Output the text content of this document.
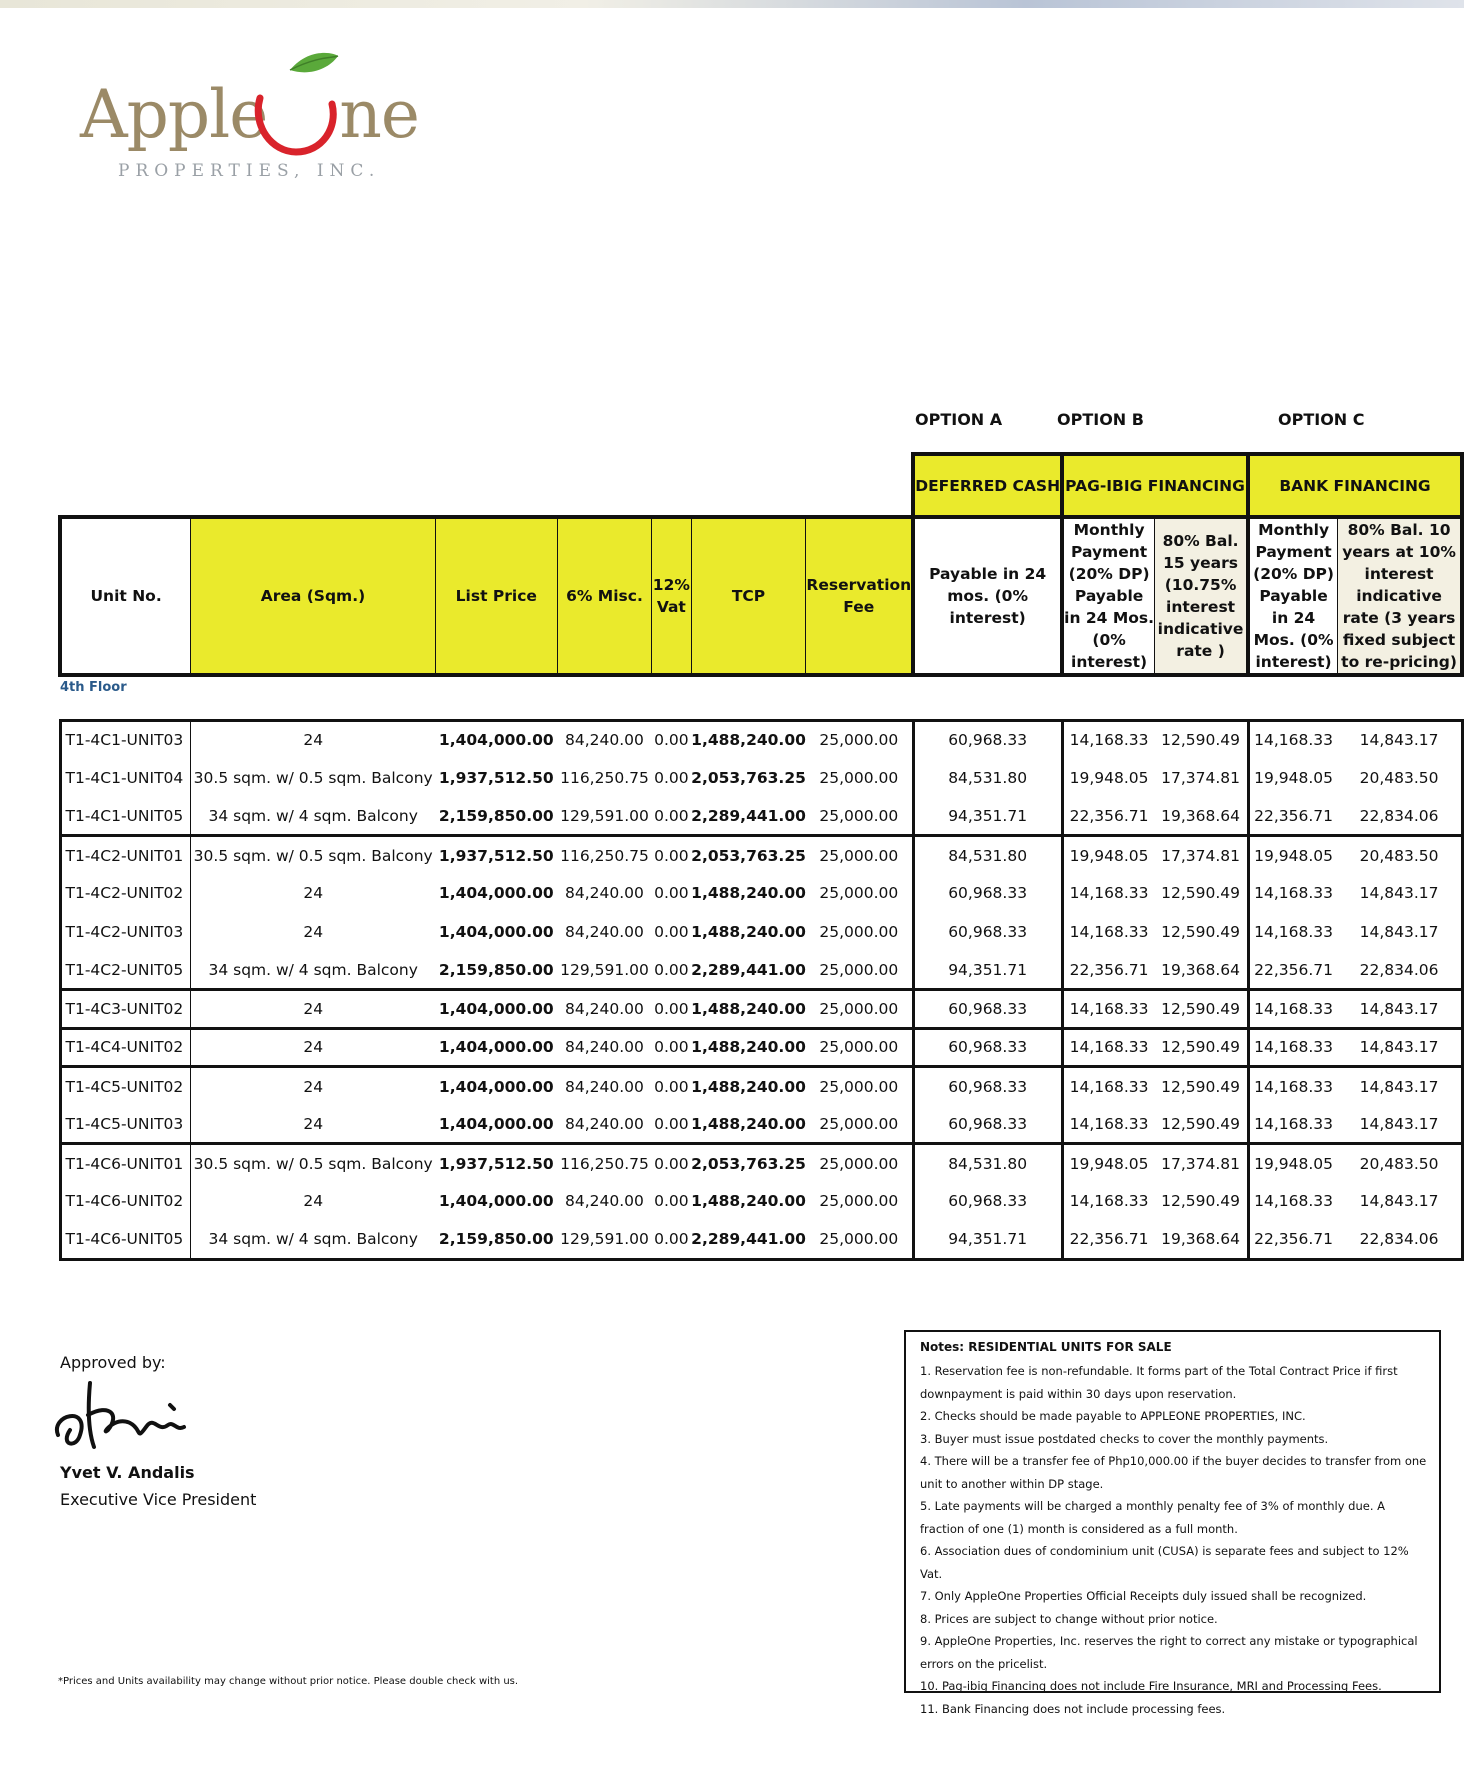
Apple ne
PROPERTIES, INC.
OPTION A	OPTION B	OPTION C
							DEFERRED CASH	PAG-IBIG FINANCING		BANK FINANCING	
Unit No.	Area (Sqm.)	List Price	6% Misc.	12% Vat	TCP	Reservation Fee	Payable in 24 mos. (0% interest)	Monthly Payment (20% DP) Payable in 24 Mos. (0% interest)	80% Bal. 15 years (10.75% interest indicative rate )	Monthly Payment (20% DP) Payable in 24 Mos. (0% interest)	80% Bal. 10 years at 10% interest indicative rate (3 years fixed subject to re-pricing)

T1-4C1-UNIT03	24	1,404,000.00	84,240.00	0.00	1,488,240.00	25,000.00	60,968.33	14,168.33	12,590.49	14,168.33	14,843.17
T1-4C1-UNIT04	30.5 sqm. w/ 0.5 sqm. Balcony	1,937,512.50	116,250.75	0.00	2,053,763.25	25,000.00	84,531.80	19,948.05	17,374.81	19,948.05	20,483.50
T1-4C1-UNIT05	34 sqm. w/ 4 sqm. Balcony	2,159,850.00	129,591.00	0.00	2,289,441.00	25,000.00	94,351.71	22,356.71	19,368.64	22,356.71	22,834.06
T1-4C2-UNIT01	30.5 sqm. w/ 0.5 sqm. Balcony	1,937,512.50	116,250.75	0.00	2,053,763.25	25,000.00	84,531.80	19,948.05	17,374.81	19,948.05	20,483.50
T1-4C2-UNIT02	24	1,404,000.00	84,240.00	0.00	1,488,240.00	25,000.00	60,968.33	14,168.33	12,590.49	14,168.33	14,843.17
T1-4C2-UNIT03	24	1,404,000.00	84,240.00	0.00	1,488,240.00	25,000.00	60,968.33	14,168.33	12,590.49	14,168.33	14,843.17
T1-4C2-UNIT05	34 sqm. w/ 4 sqm. Balcony	2,159,850.00	129,591.00	0.00	2,289,441.00	25,000.00	94,351.71	22,356.71	19,368.64	22,356.71	22,834.06
T1-4C3-UNIT02	24	1,404,000.00	84,240.00	0.00	1,488,240.00	25,000.00	60,968.33	14,168.33	12,590.49	14,168.33	14,843.17
T1-4C4-UNIT02	24	1,404,000.00	84,240.00	0.00	1,488,240.00	25,000.00	60,968.33	14,168.33	12,590.49	14,168.33	14,843.17
T1-4C5-UNIT02	24	1,404,000.00	84,240.00	0.00	1,488,240.00	25,000.00	60,968.33	14,168.33	12,590.49	14,168.33	14,843.17
T1-4C5-UNIT03	24	1,404,000.00	84,240.00	0.00	1,488,240.00	25,000.00	60,968.33	14,168.33	12,590.49	14,168.33	14,843.17
T1-4C6-UNIT01	30.5 sqm. w/ 0.5 sqm. Balcony	1,937,512.50	116,250.75	0.00	2,053,763.25	25,000.00	84,531.80	19,948.05	17,374.81	19,948.05	20,483.50
T1-4C6-UNIT02	24	1,404,000.00	84,240.00	0.00	1,488,240.00	25,000.00	60,968.33	14,168.33	12,590.49	14,168.33	14,843.17
T1-4C6-UNIT05	34 sqm. w/ 4 sqm. Balcony	2,159,850.00	129,591.00	0.00	2,289,441.00	25,000.00	94,351.71	22,356.71	19,368.64	22,356.71	22,834.06
4th Floor
Approved by:
Yvet V. Andalis
Executive Vice President
Notes: RESIDENTIAL UNITS FOR SALE
1. Reservation fee is non-refundable. It forms part of the Total Contract Price if first downpayment is paid within 30 days upon reservation.
2. Checks should be made payable to APPLEONE PROPERTIES, INC.
3. Buyer must issue postdated checks to cover the monthly payments.
4. There will be a transfer fee of Php10,000.00 if the buyer decides to transfer from one unit to another within DP stage.
5. Late payments will be charged a monthly penalty fee of 3% of monthly due. A fraction of one (1) month is considered as a full month.
6. Association dues of condominium unit (CUSA) is separate fees and subject to 12% Vat.
7. Only AppleOne Properties Official Receipts duly issued shall be recognized.
8. Prices are subject to change without prior notice.
9. AppleOne Properties, Inc. reserves the right to correct any mistake or typographical errors on the pricelist.
10. Pag-ibig Financing does not include Fire Insurance, MRI and Processing Fees.
11. Bank Financing does not include processing fees.
*Prices and Units availability may change without prior notice. Please double check with us.
